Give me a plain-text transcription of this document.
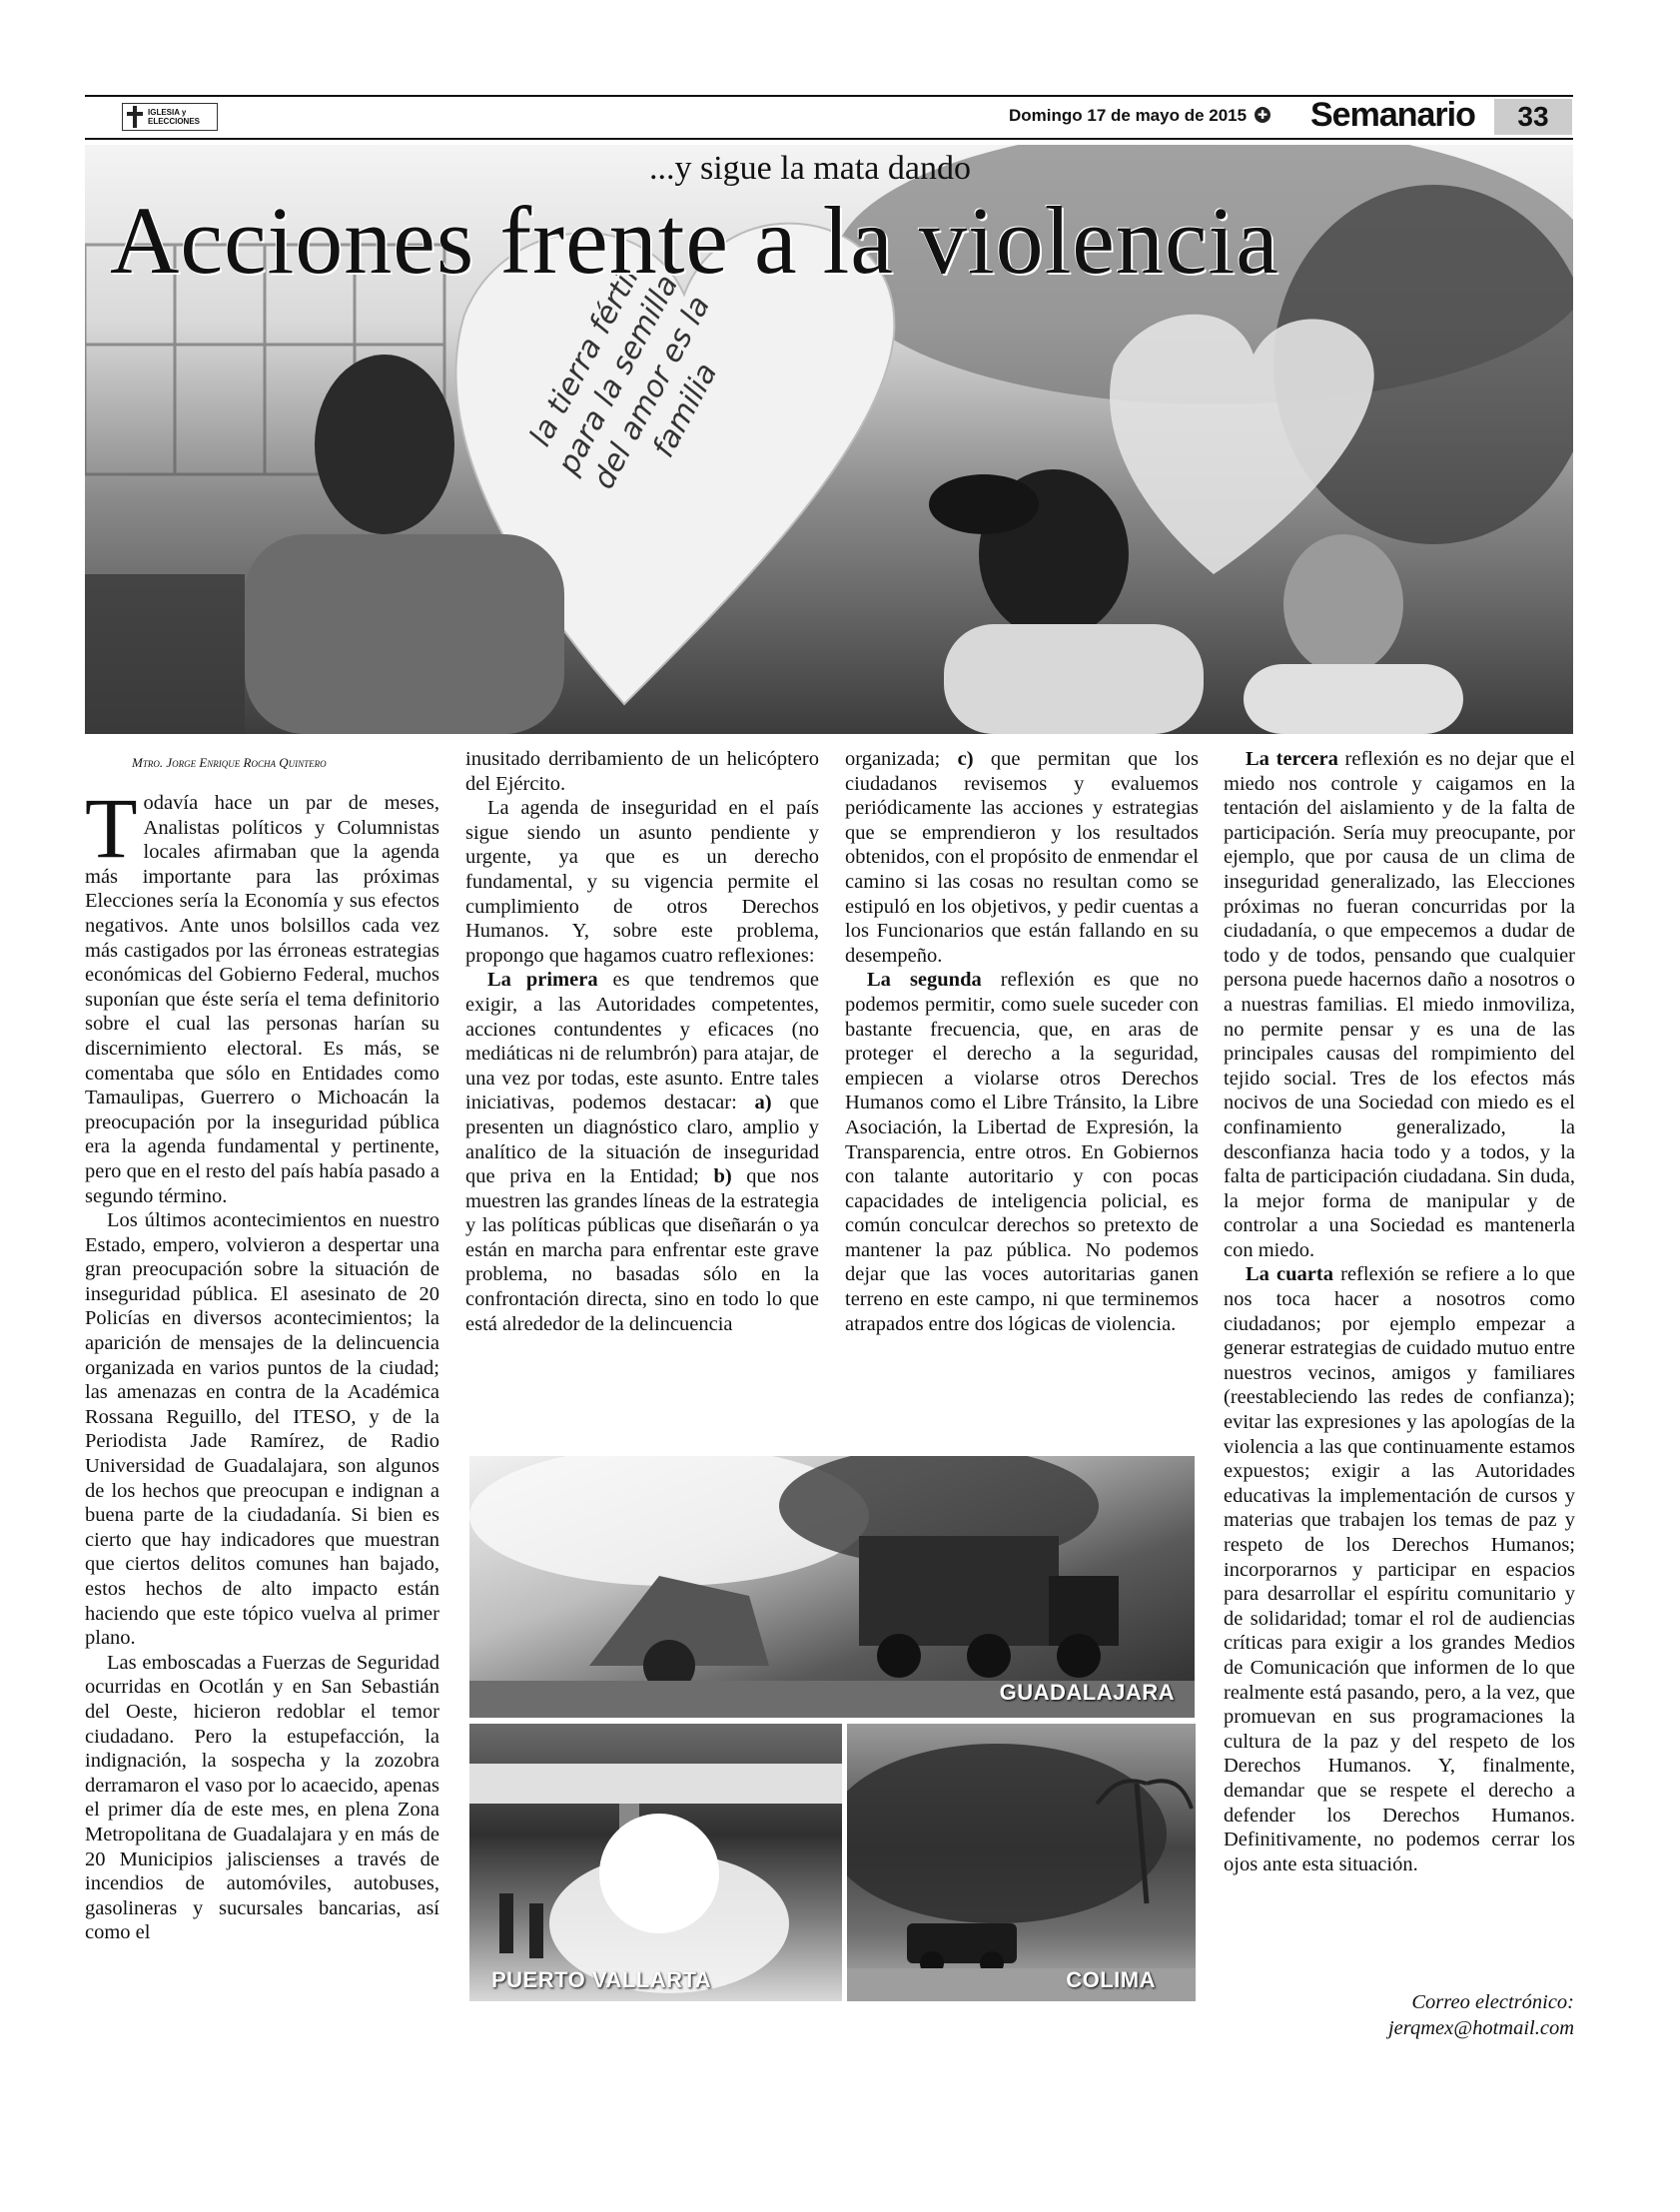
IGLESIA y
ELECCIONES	Domingo 17 de mayo de 2015 ✚ Semanario	33
la tierra fértil para la semilla del amor es la familia
...y sigue la mata dando
Acciones frente a la violencia
Mtro. Jorge Enrique Rocha Quintero

Todavía hace un par de meses, Analistas políticos y Columnistas locales afirmaban que la agenda más importante para las próximas Elecciones sería la Economía y sus efectos negativos. Ante unos bolsillos cada vez más castigados por las érroneas estrategias económicas del Gobierno Federal, muchos suponían que éste sería el tema definitorio sobre el cual las personas harían su discernimiento electoral. Es más, se comentaba que sólo en Entidades como Tamaulipas, Guerrero o Michoacán la preocupación por la inseguridad pública era la agenda fundamental y pertinente, pero que en el resto del país había pasado a segundo término.

Los últimos acontecimientos en nuestro Estado, empero, volvieron a despertar una gran preocupación sobre la situación de inseguridad pública. El asesinato de 20 Policías en diversos acontecimientos; la aparición de mensajes de la delincuencia organizada en varios puntos de la ciudad; las amenazas en contra de la Académica Rossana Reguillo, del ITESO, y de la Periodista Jade Ramírez, de Radio Universidad de Guadalajara, son algunos de los hechos que preocupan e indignan a buena parte de la ciudadanía. Si bien es cierto que hay indicadores que muestran que ciertos delitos comunes han bajado, estos hechos de alto impacto están haciendo que este tópico vuelva al primer plano.

Las emboscadas a Fuerzas de Seguridad ocurridas en Ocotlán y en San Sebastián del Oeste, hicieron redoblar el temor ciudadano. Pero la estupefacción, la indignación, la sospecha y la zozobra derramaron el vaso por lo acaecido, apenas el primer día de este mes, en plena Zona Metropolitana de Guadalajara y en más de 20 Municipios jaliscienses a través de incendios de automóviles, autobuses, gasolineras y sucursales bancarias, así como el

inusitado derribamiento de un helicóptero del Ejército.

La agenda de inseguridad en el país sigue siendo un asunto pendiente y urgente, ya que es un derecho fundamental, y su vigencia permite el cumplimiento de otros Derechos Humanos. Y, sobre este problema, propongo que hagamos cuatro reflexiones:

La primera es que tendremos que exigir, a las Autoridades competentes, acciones contundentes y eficaces (no mediáticas ni de relumbrón) para atajar, de una vez por todas, este asunto. Entre tales iniciativas, podemos destacar: a) que presenten un diagnóstico claro, amplio y analítico de la situación de inseguridad que priva en la Entidad; b) que nos muestren las grandes líneas de la estrategia y las políticas públicas que diseñarán o ya están en marcha para enfrentar este grave problema, no basadas sólo en la confrontación directa, sino en todo lo que está alrededor de la delincuencia

organizada; c) que permitan que los ciudadanos revisemos y evaluemos periódicamente las acciones y estrategias que se emprendieron y los resultados obtenidos, con el propósito de enmendar el camino si las cosas no resultan como se estipuló en los objetivos, y pedir cuentas a los Funcionarios que están fallando en su desempeño.

La segunda reflexión es que no podemos permitir, como suele suceder con bastante frecuencia, que, en aras de proteger el derecho a la seguridad, empiecen a violarse otros Derechos Humanos como el Libre Tránsito, la Libre Asociación, la Libertad de Expresión, la Transparencia, entre otros. En Gobiernos con talante autoritario y con pocas capacidades de inteligencia policial, es común conculcar derechos so pretexto de mantener la paz pública. No podemos dejar que las voces autoritarias ganen terreno en este campo, ni que terminemos atrapados entre dos lógicas de violencia.

La tercera reflexión es no dejar que el miedo nos controle y caigamos en la tentación del aislamiento y de la falta de participación. Sería muy preocupante, por ejemplo, que por causa de un clima de inseguridad generalizado, las Elecciones próximas no fueran concurridas por la ciudadanía, o que empecemos a dudar de todo y de todos, pensando que cualquier persona puede hacernos daño a nosotros o a nuestras familias. El miedo inmoviliza, no permite pensar y es una de las principales causas del rompimiento del tejido social. Tres de los efectos más nocivos de una Sociedad con miedo es el confinamiento generalizado, la desconfianza hacia todo y a todos, y la falta de participación ciudadana. Sin duda, la mejor forma de manipular y de controlar a una Sociedad es mantenerla con miedo.

La cuarta reflexión se refiere a lo que nos toca hacer a nosotros como ciudadanos; por ejemplo empezar a generar estrategias de cuidado mutuo entre nuestros vecinos, amigos y familiares (reestableciendo las redes de confianza); evitar las expresiones y las apologías de la violencia a las que continuamente estamos expuestos; exigir a las Autoridades educativas la implementación de cursos y materias que trabajen los temas de paz y respeto de los Derechos Humanos; incorporarnos y participar en espacios para desarrollar el espíritu comunitario y de solidaridad; tomar el rol de audiencias críticas para exigir a los grandes Medios de Comunicación que informen de lo que realmente está pasando, pero, a la vez, que promuevan en sus programaciones la cultura de la paz y del respeto de los Derechos Humanos. Y, finalmente, demandar que se respete el derecho a defender los Derechos Humanos. Definitivamente, no podemos cerrar los ojos ante esta situación.

Correo electrónico:
jerqmex@hotmail.com
GUADALAJARA
PUERTO VALLARTA	COLIMA
